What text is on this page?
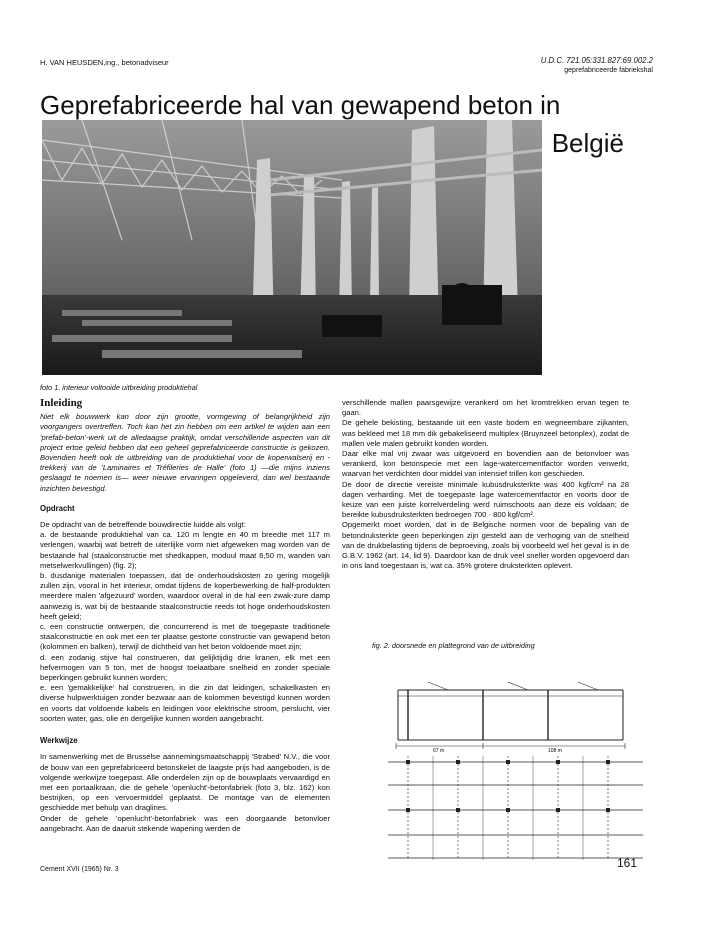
H. VAN HEUSDEN,ing., betonadviseur	U.D.C. 721.05:331.827:69.002.2
geprefabriceerde fabriekshal
Geprefabriceerde hal van gewapend beton in
België
foto 1. interieur voltooide uitbreiding produktiehal
Inleiding

Niet elk bouwwerk kan door zijn grootte, vormgeving of belangrijkheid zijn voorgangers overtreffen. Toch kan het zin hebben om een artikel te wijden aan een 'prefab-beton'-werk uit de alledaagse praktijk, omdat verschillende aspecten van dit project ertoe geleid hebben dat een geheel geprefabriceerde constructie is gekozen. Bovendien heeft ook de uitbreiding van de produktiehal voor de koperwalserij en -trekkerij van de 'Laminaires et Tréfileries de Halle' (foto 1) —die mijns inziens geslaagd te noemen is— weer nieuwe ervaringen opgeleverd, dan wel bestaande inzichten bevestigd.

Opdracht

De opdracht van de betreffende bouwdirectie luidde als volgt:

a. de bestaande produktiehal van ca. 120 m lengte en 40 m breedte met 117 m verlengen, waarbij wat betreft de uiterlijke vorm niet afgeweken mag worden van de bestaande hal (staalconstructie met shedkappen, moduul maat 6,50 m, wanden van metselwerkvullingen) (fig. 2);

b. dusdanige materialen toepassen, dat de onderhoudskosten zo gering mogelijk zullen zijn, vooral in het interieur, omdat tijdens de koperbewerking de half-produkten meerdere malen 'afgezuurd' worden, waardoor overal in de hal een zwak-zure damp aanwezig is, wat bij de bestaande staalconstructie reeds tot hoge onderhoudskosten heeft geleid;

c. een constructie ontwerpen, die concurrerend is met de toegepaste traditionele staalconstructie en ook met een ter plaatse gestorte constructie van gewapend beton (kolommen en balken), terwijl de dichtheid van het beton voldoende moet zijn;

d. een zodanig stijve hal construeren, dat gelijktijdig drie kranen, elk met een hefvermogen van 5 ton, met de hoogst toelaatbare snelheid en zonder speciale beperkingen gebruikt kunnen worden;

e. een 'gemakkelijke' hal construeren, in die zin dat leidingen, schakelkasten en diverse hulpwerktuigen zonder bezwaar aan de kolommen bevestigd kunnen worden en voorts dat voldoende kabels en leidingen voor elektrische stroom, perslucht, vier soorten water, gas, olie en dergelijke kunnen worden aangebracht.

Werkwijze

In samenwerking met de Brusselse aannemingsmaatschappij 'Strabed' N.V., die voor de bouw van een geprefabriceerd betonskelet de laagste prijs had aangeboden, is de volgende werkwijze toegepast. Alle onderdelen zijn op de bouwplaats vervaardigd en met een portaalkraan, die de gehele 'openlucht'-betonfabriek (foto 3, blz. 162) kon bestrijken, op een vervoermiddel geplaatst. De montage van de elementen geschiedde met behulp van draglines.
Onder de gehele 'openlucht'-betonfabriek was een doorgaande betonvloer aangebracht. Aan de daaruit stekende wapening werden de

verschillende mallen paarsgewijze verankerd om het kromtrekken ervan tegen te gaan.

De gehele bekisting, bestaande uit een vaste bodem en wegneembare zijkanten, was bekleed met 18 mm dik gebakeliseerd multiplex (Bruynzeel betonplex), zodat de mallen vele malen gebruikt konden worden.

Daar elke mal vrij zwaar was uitgevoerd en bovendien aan de betonvloer was verankerd, kon betonspecie met een lage-watercementfactor worden verwerkt, waarvan het verdichten door middel van intensief trillen kon geschieden.

De door de directie vereiste minimale kubusdruksterkte was 400 kgf/cm² na 28 dagen verharding. Met de toegepaste lage watercementfactor en voorts door de keuze van een juiste korrelverdeling werd ruimschoots aan deze eis voldaan; de bereikte kubusdruksterkten bedroegen 700 · 800 kgf/cm².

Opgemerkt moet worden, dat in de Belgische normen voor de bepaling van de betondruksterkte geen beperkingen zijn gesteld aan de verhoging van de snelheid van de drukbelasting tijdens de beproeving, zoals bij voorbeeld wel het geval is in de G.B.V. 1962 (art. 14, lid 9). Daardoor kan de druk veel sneller worden opgevoerd dan in ons land toegestaan is, wat ca. 35% grotere druksterkten oplevert.

fig. 2. doorsnede en plattegrond van de uitbreiding
67 m	108 m
Cement XVII (1965) Nr. 3	161
